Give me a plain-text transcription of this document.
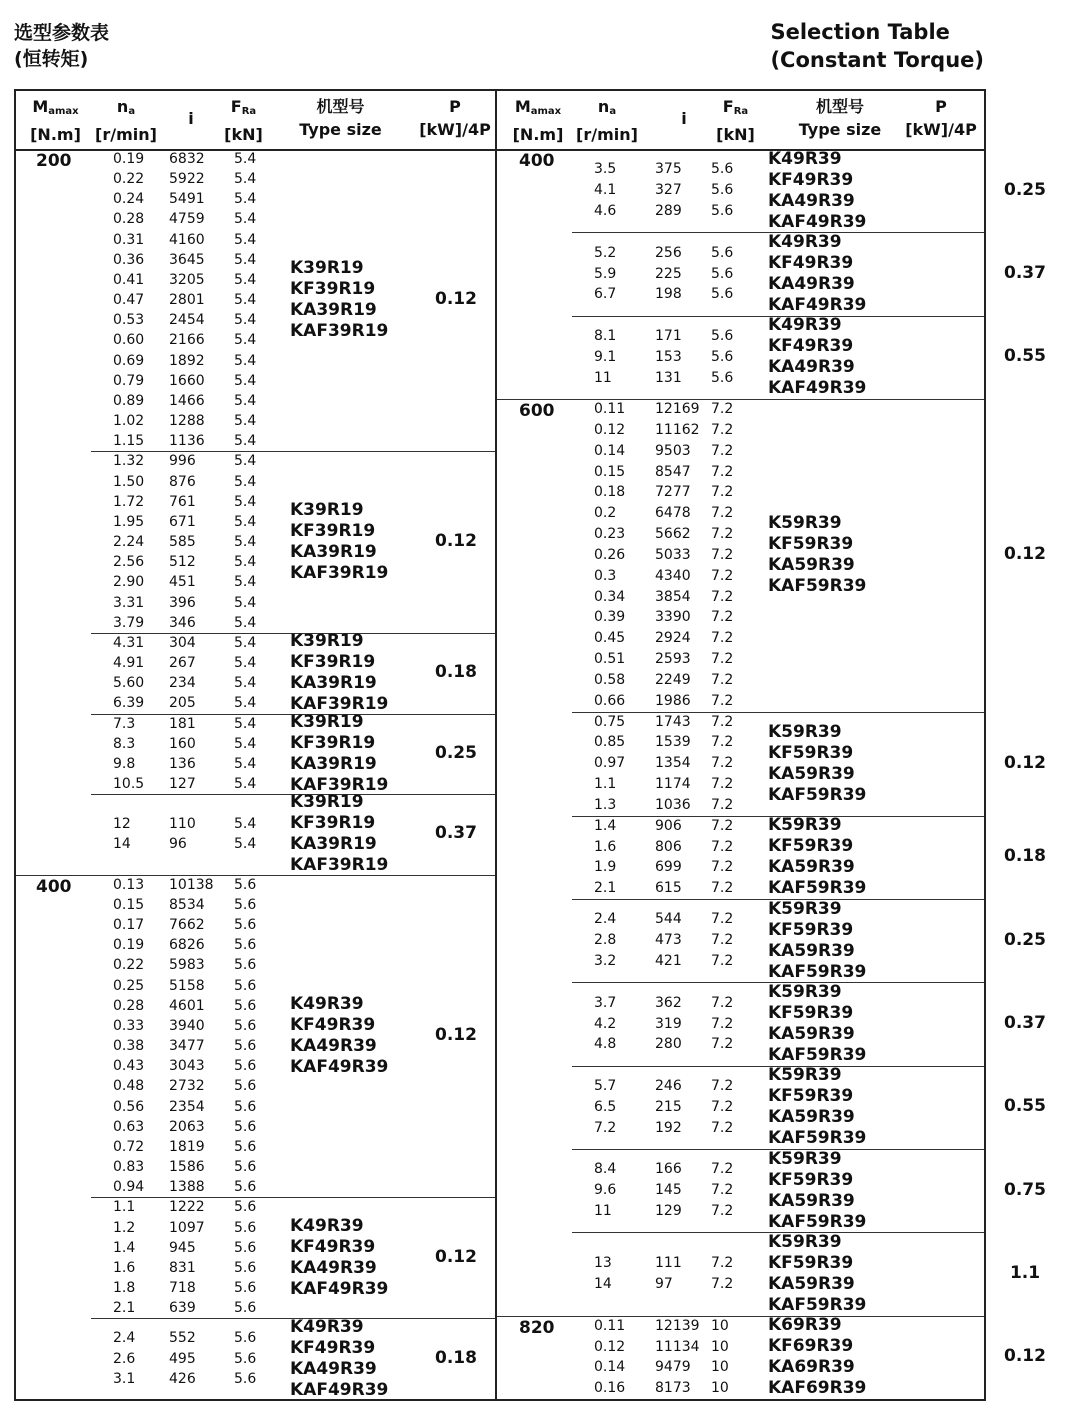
选型参数表
(恒转矩)
Selection Table
(Constant Torque)
$M_{amax}$
[N.m]
$n_a$
[r/min]
i
$F_{Ra}$
[kN]
机型号
Type size
P
[kW]/4P
200	0.19 6832 5.4
0.22 5922 5.4
0.24 5491 5.4
0.28 4759 5.4
0.31 4160 5.4
0.36 3645 5.4
0.41 3205 5.4
0.47 2801 5.4
0.53 2454 5.4
0.60 2166 5.4
0.69 1892 5.4
0.79 1660 5.4
0.89 1466 5.4
1.02 1288 5.4
1.15 1136 5.4
K39R19
KF39R19
KA39R19
KAF39R19
0.12
1.32 996	5.4
1.50 876	5.4
1.72 761	5.4
1.95 671	5.4
2.24 585	5.4
2.56 512	5.4
2.90 451	5.4
3.31 396	5.4
3.79 346	5.4
K39R19
KF39R19
KA39R19
KAF39R19
0.12
4.31 304	5.4
4.91 267	5.4
5.60 234	5.4
6.39 205	5.4
K39R19
KF39R19
KA39R19
KAF39R19
0.18
7.3 181	5.4
8.3 160	5.4
9.8 136	5.4
10.5 127	5.4
K39R19
KF39R19
KA39R19
KAF39R19
0.25
12	110	5.4
14	96	5.4
K39R19
KF39R19
KA39R19
KAF39R19
0.37
400	0.13 10138 5.6
0.15 8534 5.6
0.17 7662 5.6
0.19 6826 5.6
0.22 5983 5.6
0.25 5158 5.6
0.28 4601 5.6
0.33 3940 5.6
0.38 3477 5.6
0.43 3043 5.6
0.48 2732 5.6
0.56 2354 5.6
0.63 2063 5.6
0.72 1819 5.6
0.83 1586 5.6
0.94 1388 5.6
K49R39
KF49R39
KA49R39
KAF49R39
0.12
1.1 1222 5.6
1.2 1097 5.6
1.4 945	5.6
1.6 831	5.6
1.8 718	5.6
2.1 639	5.6
K49R39
KF49R39
KA49R39
KAF49R39
0.12
2.4 552	5.6
2.6 495	5.6
3.1 426	5.6
K49R39
KF49R39
KA49R39
KAF49R39
0.18
$M_{amax}$
[N.m]
$n_a$
[r/min]
i
$F_{Ra}$
[kN]
机型号
Type size
P
[kW]/4P
400	3.5	375 5.6
4.1	327 5.6
4.6	289 5.6
K49R39
KF49R39
KA49R39
KAF49R39
0.25
5.2	256 5.6
5.9	225 5.6
6.7	198 5.6
K49R39
KF49R39
KA49R39
KAF49R39
0.37
8.1	171 5.6
9.1	153 5.6
11	131 5.6
K49R39
KF49R39
KA49R39
KAF49R39
0.55
600	0.11 12169 7.2
0.12 11162 7.2
0.14 9503 7.2
0.15 8547 7.2
0.18 7277 7.2
0.2	6478 7.2
0.23 5662 7.2
0.26 5033 7.2
0.3	4340 7.2
0.34 3854 7.2
0.39 3390 7.2
0.45 2924 7.2
0.51 2593 7.2
0.58 2249 7.2
0.66 1986 7.2
K59R39
KF59R39
KA59R39
KAF59R39
0.12
0.75 1743 7.2
0.85 1539 7.2
0.97 1354 7.2
1.1	1174 7.2
1.3	1036 7.2
K59R39
KF59R39
KA59R39
KAF59R39
0.12
1.4	906 7.2
1.6	806 7.2
1.9	699 7.2
2.1	615 7.2
K59R39
KF59R39
KA59R39
KAF59R39
0.18
2.4	544 7.2
2.8	473 7.2
3.2	421 7.2
K59R39
KF59R39
KA59R39
KAF59R39
0.25
3.7	362 7.2
4.2	319 7.2
4.8	280 7.2
K59R39
KF59R39
KA59R39
KAF59R39
0.37
5.7	246 7.2
6.5	215 7.2
7.2	192 7.2
K59R39
KF59R39
KA59R39
KAF59R39
0.55
8.4	166 7.2
9.6	145 7.2
11	129 7.2
K59R39
KF59R39
KA59R39
KAF59R39
0.75
13	111 7.2
14	97	7.2
K59R39
KF59R39
KA59R39
KAF59R39
1.1
820	0.11 12139 10
0.12 11134 10
0.14 9479 10
0.16 8173 10
K69R39
KF69R39
KA69R39
KAF69R39
0.12
